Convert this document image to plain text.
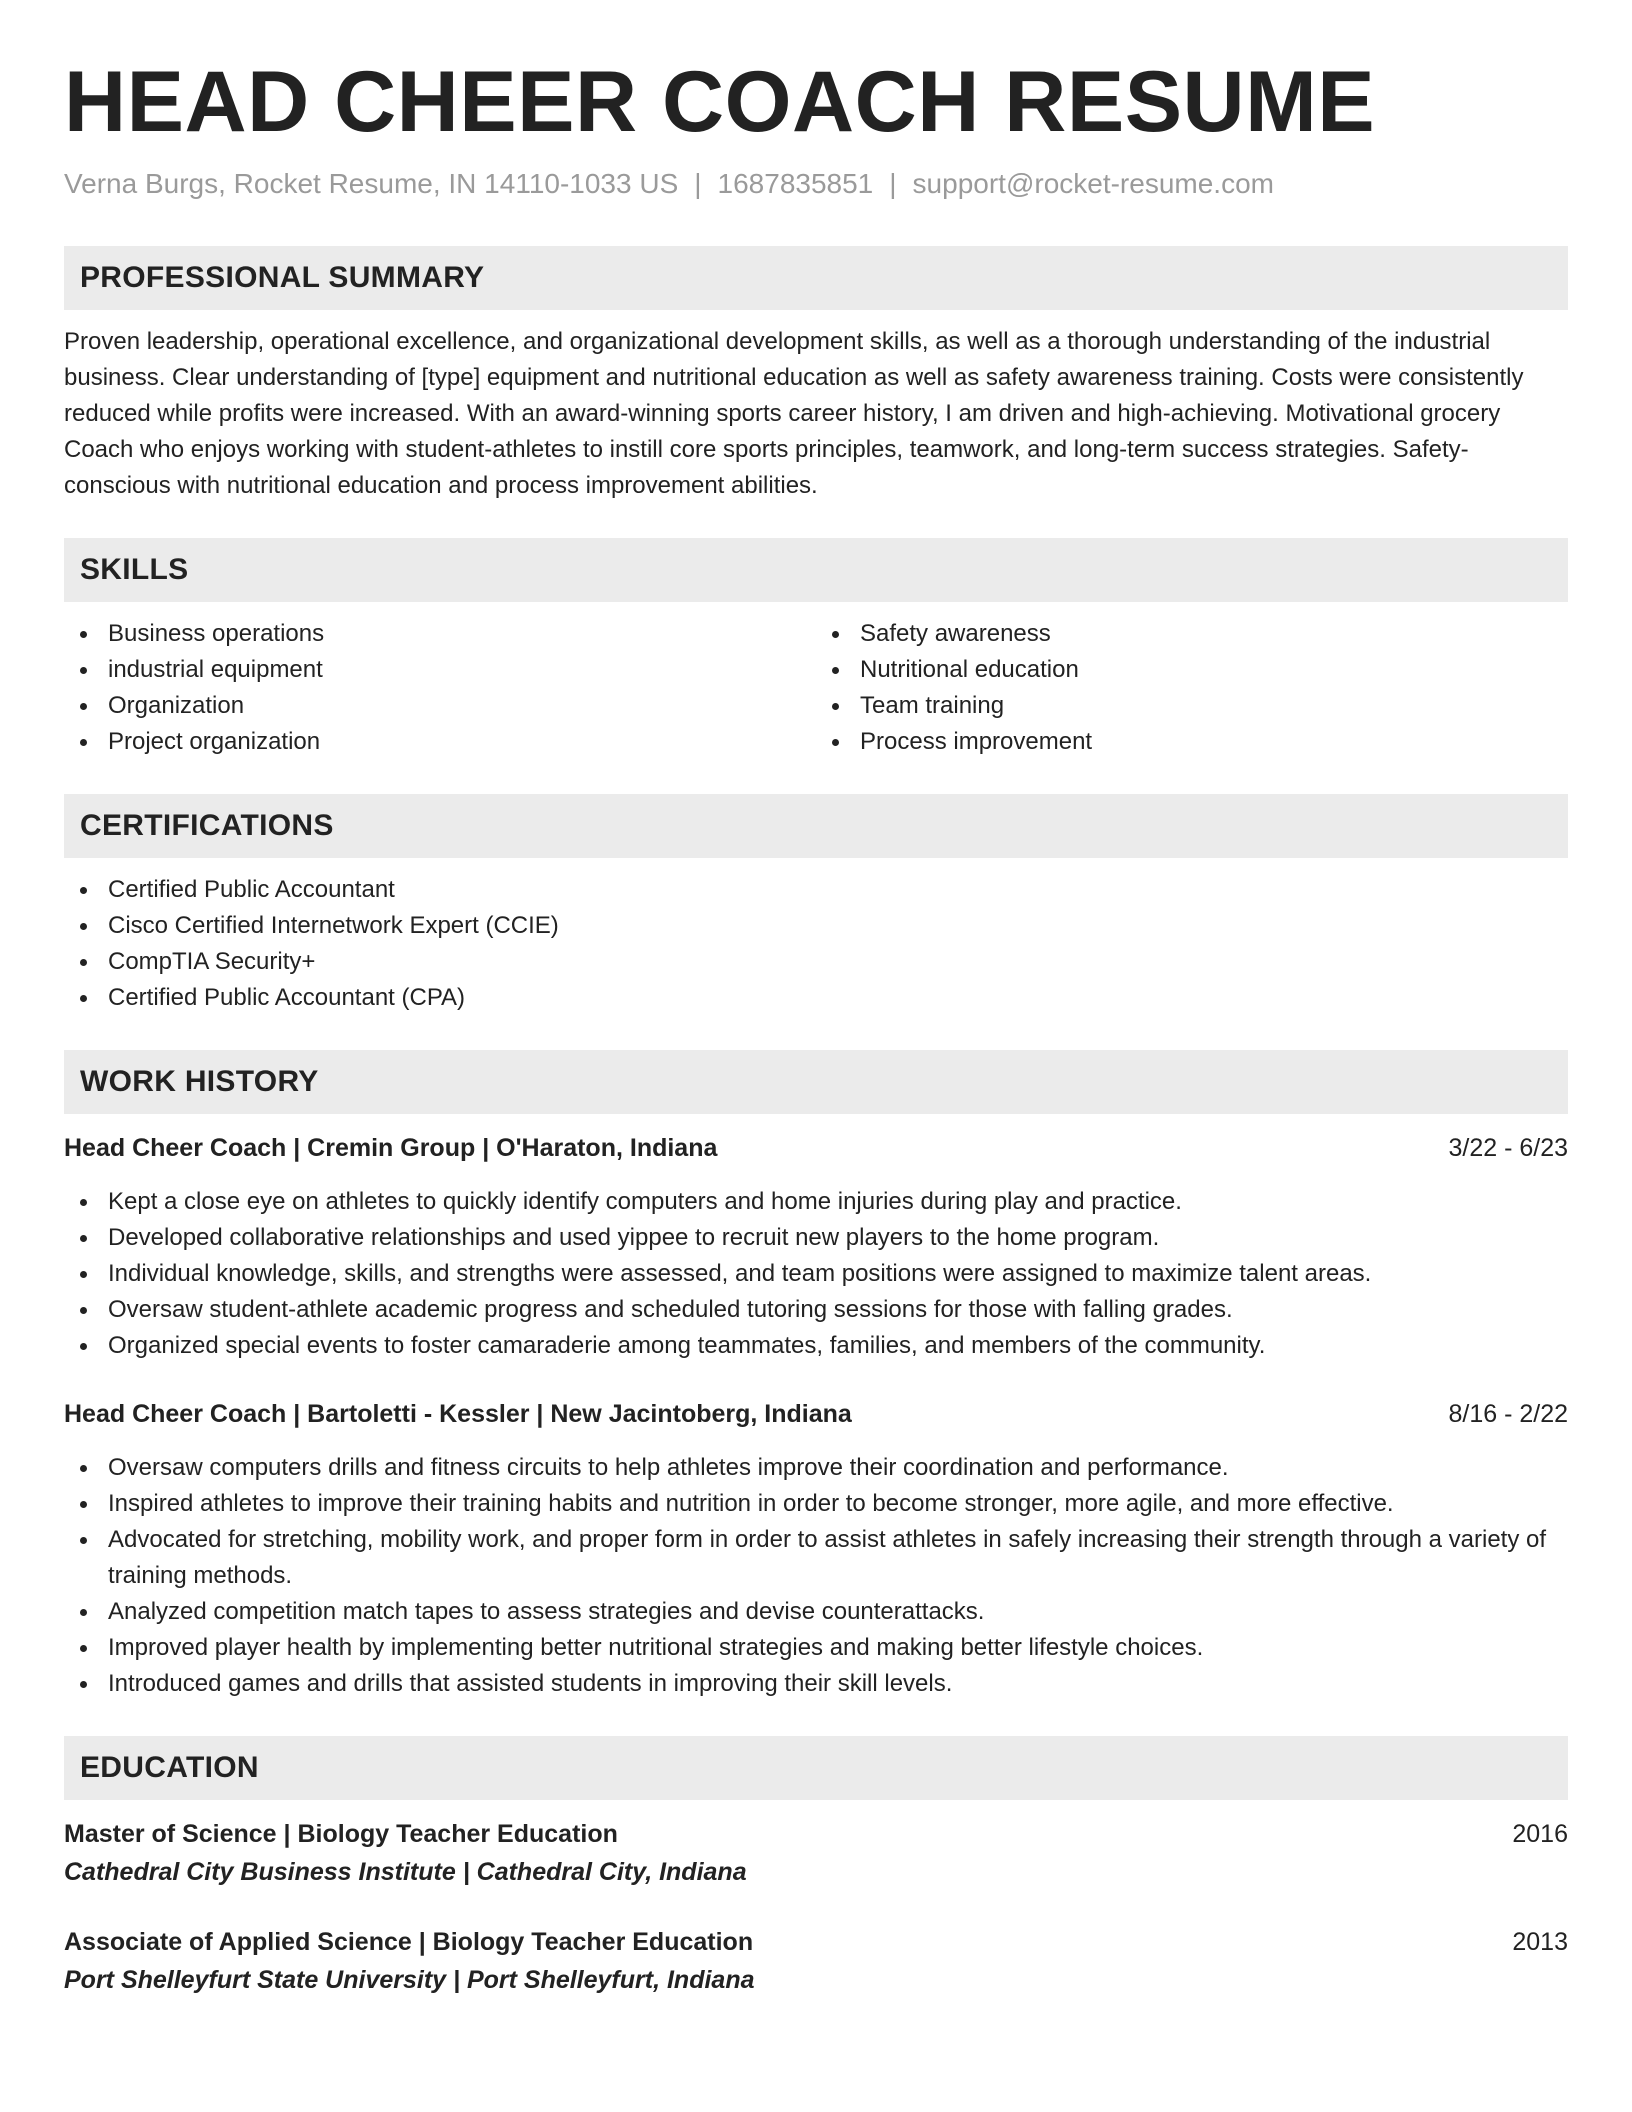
HEAD CHEER COACH RESUME
Verna Burgs, Rocket Resume, IN 14110-1033 US | 1687835851 | support@rocket-resume.com
PROFESSIONAL SUMMARY

Proven leadership, operational excellence, and organizational development skills, as well as a thorough understanding of the industrial business. Clear understanding of [type] equipment and nutritional education as well as safety awareness training. Costs were consistently reduced while profits were increased. With an award-winning sports career history, I am driven and high-achieving. Motivational grocery Coach who enjoys working with student-athletes to instill core sports principles, teamwork, and long-term success strategies. Safety-conscious with nutritional education and process improvement abilities.

SKILLS
Business operations
industrial equipment
Organization
Project organization
Safety awareness
Nutritional education
Team training
Process improvement
CERTIFICATIONS
Certified Public Accountant
Cisco Certified Internetwork Expert (CCIE)
CompTIA Security+
Certified Public Accountant (CPA)
WORK HISTORY
Head Cheer Coach | Cremin Group | O'Haraton, Indiana	3/22 - 6/23
Kept a close eye on athletes to quickly identify computers and home injuries during play and practice.
Developed collaborative relationships and used yippee to recruit new players to the home program.
Individual knowledge, skills, and strengths were assessed, and team positions were assigned to maximize talent areas.
Oversaw student-athlete academic progress and scheduled tutoring sessions for those with falling grades.
Organized special events to foster camaraderie among teammates, families, and members of the community.
Head Cheer Coach | Bartoletti - Kessler | New Jacintoberg, Indiana	8/16 - 2/22
Oversaw computers drills and fitness circuits to help athletes improve their coordination and performance.
Inspired athletes to improve their training habits and nutrition in order to become stronger, more agile, and more effective.
Advocated for stretching, mobility work, and proper form in order to assist athletes in safely increasing their strength through a variety of training methods.
Analyzed competition match tapes to assess strategies and devise counterattacks.
Improved player health by implementing better nutritional strategies and making better lifestyle choices.
Introduced games and drills that assisted students in improving their skill levels.
EDUCATION
Master of Science | Biology Teacher Education	2016
Cathedral City Business Institute | Cathedral City, Indiana
Associate of Applied Science | Biology Teacher Education	2013
Port Shelleyfurt State University | Port Shelleyfurt, Indiana
